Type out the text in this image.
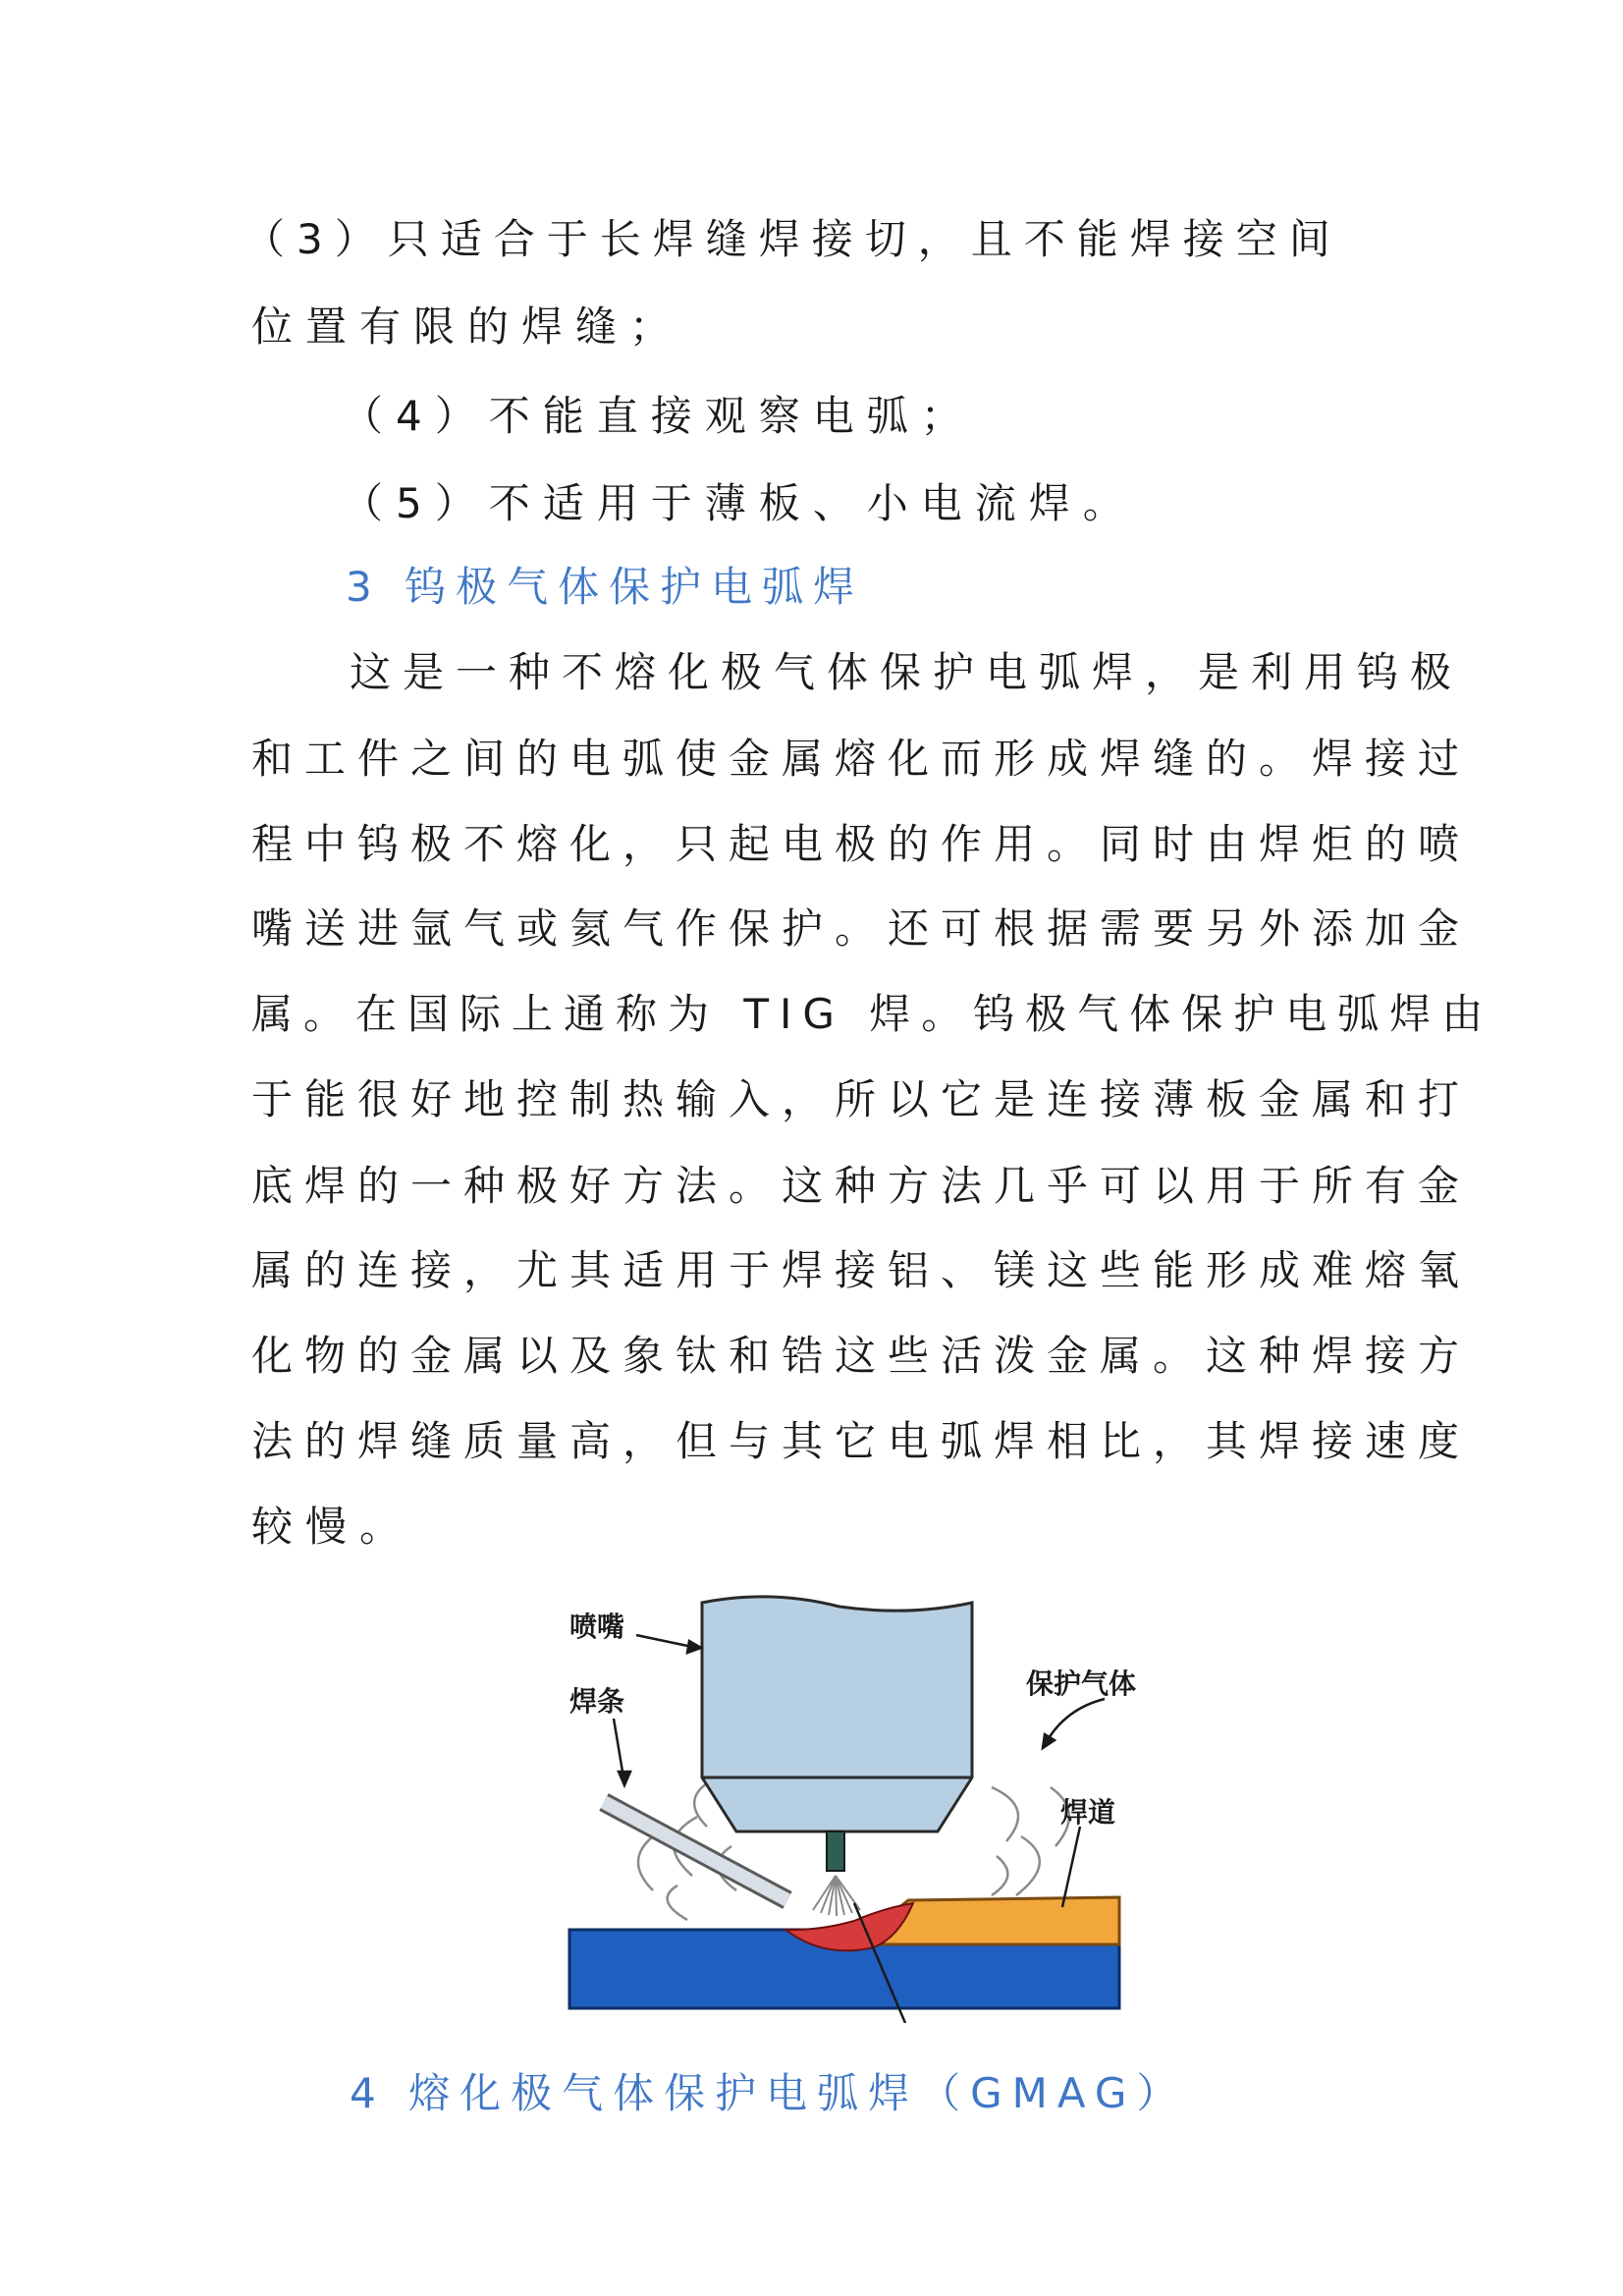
（3）只适合于长焊缝焊接切，且不能焊接空间
位置有限的焊缝；
（4）不能直接观察电弧；
（5）不适用于薄板、小电流焊。
3 钨极气体保护电弧焊
这是一种不熔化极气体保护电弧焊，是利用钨极
和工件之间的电弧使金属熔化而形成焊缝的。焊接过
程中钨极不熔化，只起电极的作用。同时由焊炬的喷
嘴送进氩气或氦气作保护。还可根据需要另外添加金
属。在国际上通称为 TIG 焊。钨极气体保护电弧焊由
于能很好地控制热输入，所以它是连接薄板金属和打
底焊的一种极好方法。这种方法几乎可以用于所有金
属的连接，尤其适用于焊接铝、镁这些能形成难熔氧
化物的金属以及象钛和锆这些活泼金属。这种焊接方
法的焊缝质量高，但与其它电弧焊相比，其焊接速度
较慢。
喷嘴
焊条
保护气体
焊道
4 熔化极气体保护电弧焊（GMAG）
